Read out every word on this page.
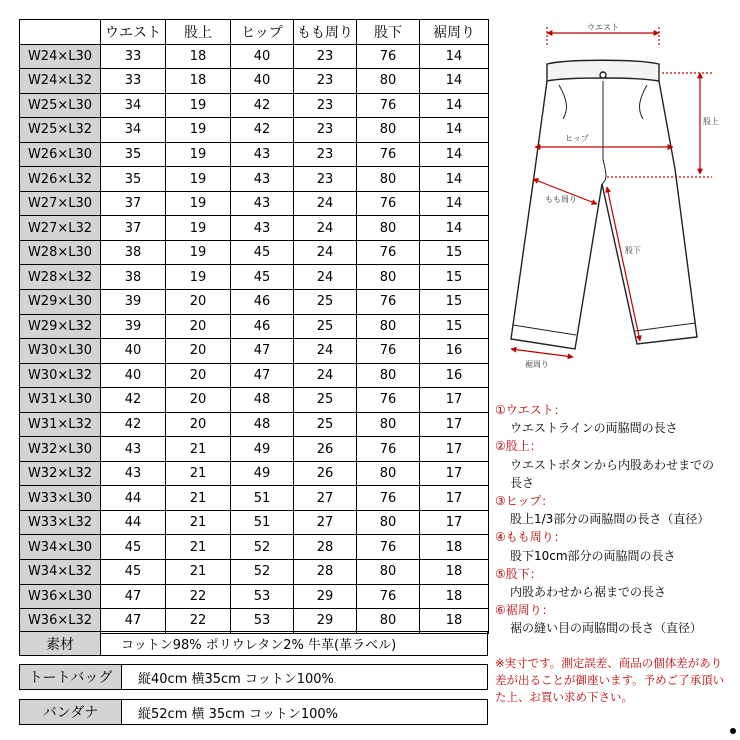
	ウエスト	股上	ヒップ	もも周り	股下	裾周り
W24×L30	33	18	40	23	76	14
W24×L32	33	18	40	23	80	14
W25×L30	34	19	42	23	76	14
W25×L32	34	19	42	23	80	14
W26×L30	35	19	43	23	76	14
W26×L32	35	19	43	23	80	14
W27×L30	37	19	43	24	76	14
W27×L32	37	19	43	24	80	14
W28×L30	38	19	45	24	76	15
W28×L32	38	19	45	24	80	15
W29×L30	39	20	46	25	76	15
W29×L32	39	20	46	25	80	15
W30×L30	40	20	47	24	76	16
W30×L32	40	20	47	24	80	16
W31×L30	42	20	48	25	76	17
W31×L32	42	20	48	25	80	17
W32×L30	43	21	49	26	76	17
W32×L32	43	21	49	26	80	17
W33×L30	44	21	51	27	76	17
W33×L32	44	21	51	27	80	17
W34×L30	45	21	52	28	76	18
W34×L32	45	21	52	28	80	18
W36×L30	47	22	53	29	76	18
W36×L32	47	22	53	29	80	18
素材	コットン98% ポリウレタン2% 牛革(革ラベル)
トートバッグ	縦40cm 横35cm コットン100%
バンダナ	縦52cm 横 35cm コットン100%
ウエスト
股上
ヒップ
もも周り
股下
裾周り
①ウエスト：
ウエストラインの両脇間の長さ
②股上：
ウエストボタンから内股あわせまでの長さ
③ヒップ：
股上1/3部分の両脇間の長さ（直径）
④もも周り：
股下10cm部分の両脇間の長さ
⑤股下：
内股あわせから裾までの長さ
⑥裾周り：
裾の縫い目の両脇間の長さ（直径）
※実寸です。測定誤差、商品の個体差があり差が出ることが御座います。予めご了承頂いた上、お買い求め下さい。
